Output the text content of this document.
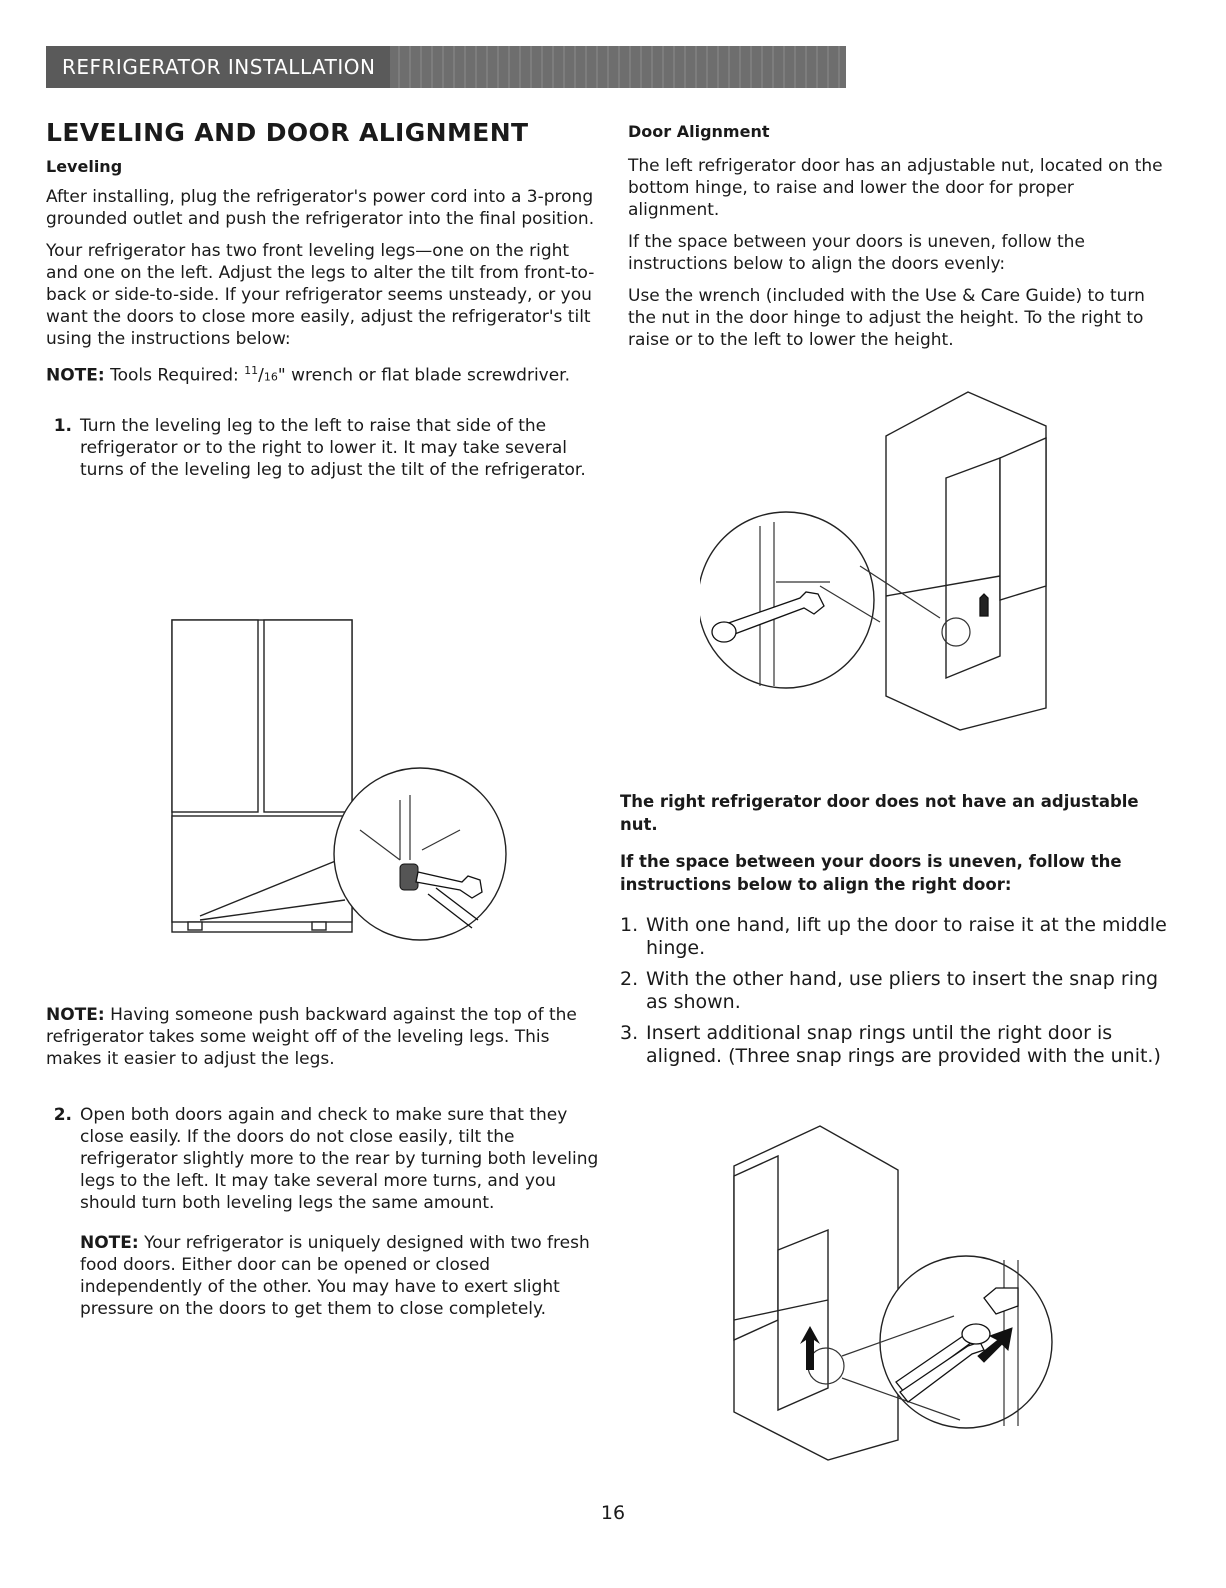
REFRIGERATOR INSTALLATION
LEVELING AND DOOR ALIGNMENT
Leveling

After installing, plug the refrigerator's power cord into a 3-prong grounded outlet and push the refrigerator into the final position.

Your refrigerator has two front leveling legs—one on the right and one on the left. Adjust the legs to alter the tilt from front-to-back or side-to-side. If your refrigerator seems unsteady, or you want the doors to close more easily, adjust the refrigerator's tilt using the instructions below:

NOTE: Tools Required: $^{11}$/16" wrench or flat blade screwdriver.

1. Turn the leveling leg to the left to raise that side of the refrigerator or to the right to lower it. It may take several turns of the leveling leg to adjust the tilt of the refrigerator.

NOTE: Having someone push backward against the top of the refrigerator takes some weight off of the leveling legs. This makes it easier to adjust the legs.

2. Open both doors again and check to make sure that they close easily. If the doors do not close easily, tilt the refrigerator slightly more to the rear by turning both leveling legs to the left. It may take several more turns, and you should turn both leveling legs the same amount.

NOTE: Your refrigerator is uniquely designed with two fresh food doors. Either door can be opened or closed independently of the other. You may have to exert slight pressure on the doors to get them to close completely.

Door Alignment

The left refrigerator door has an adjustable nut, located on the bottom hinge, to raise and lower the door for proper alignment.

If the space between your doors is uneven, follow the instructions below to align the doors evenly:

Use the wrench (included with the Use & Care Guide) to turn the nut in the door hinge to adjust the height. To the right to raise or to the left to lower the height.

The right refrigerator door does not have an adjustable nut.

If the space between your doors is uneven, follow the instructions below to align the right door:

1. With one hand, lift up the door to raise it at the middle hinge.
2. With the other hand, use pliers to insert the snap ring as shown.
3. Insert additional snap rings until the right door is aligned. (Three snap rings are provided with the unit.)
16
